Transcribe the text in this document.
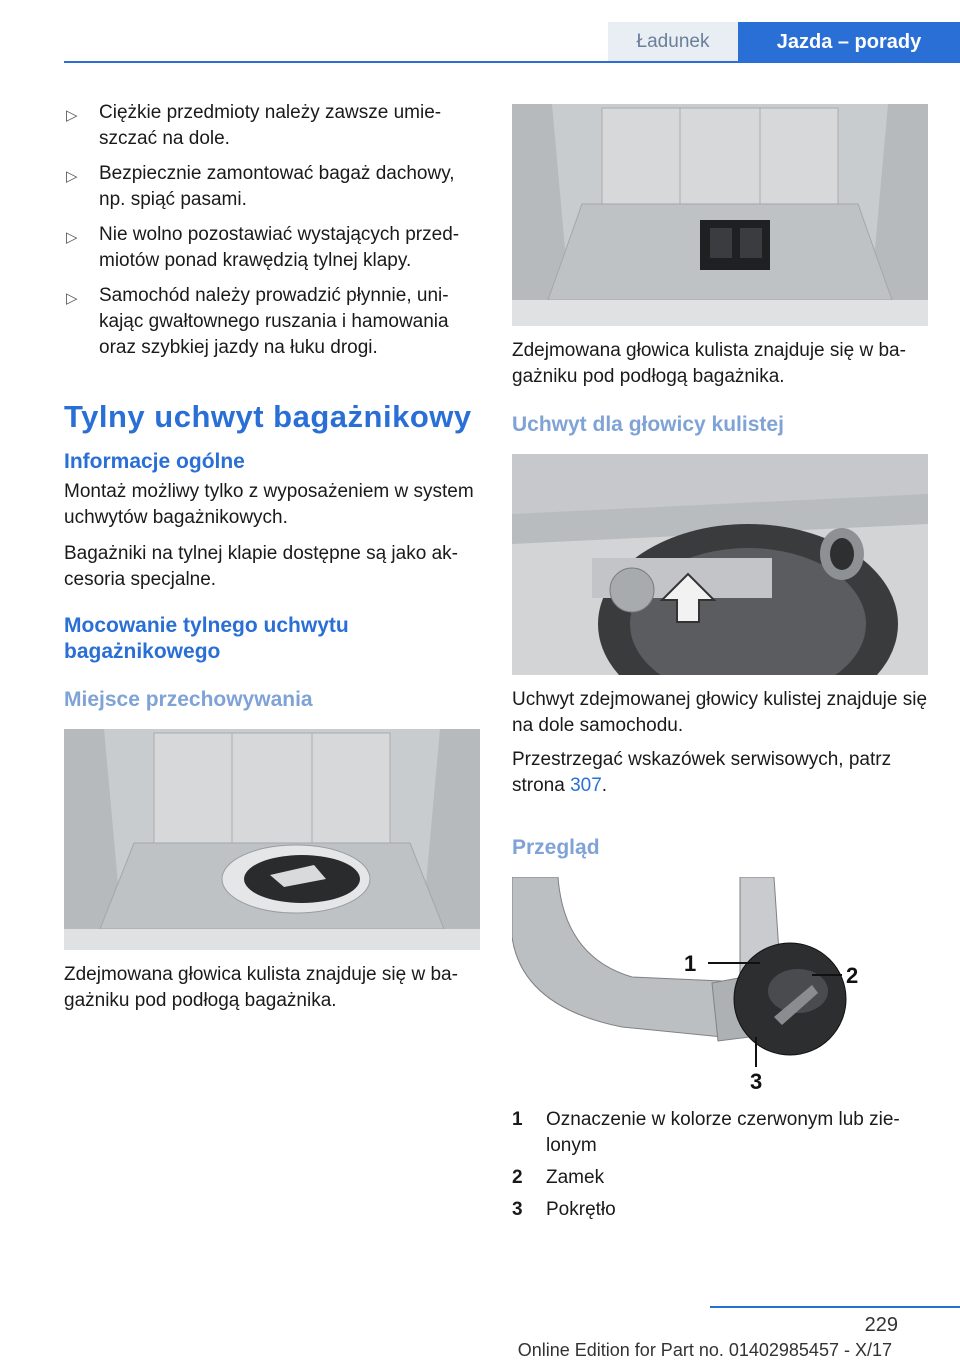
Ładunek	Jazda – porady
▷ Ciężkie przedmioty należy zawsze umieszczać na dole.
▷ Bezpiecznie zamontować bagaż dachowy, np. spiąć pasami.
▷ Nie wolno pozostawiać wystających przedmiotów ponad krawędzią tylnej klapy.
▷ Samochód należy prowadzić płynnie, unikając gwałtownego ruszania i hamowania oraz szybkiej jazdy na łuku drogi.
Tylny uchwyt bagażnikowy
Informacje ogólne

Montaż możliwy tylko z wyposażeniem w system uchwytów bagażnikowych.

Bagażniki na tylnej klapie dostępne są jako akcesoria specjalne.

Mocowanie tylnego uchwytu bagażnikowego
Miejsce przechowywania

Zdejmowana głowica kulista znajduje się w bagażniku pod podłogą bagażnika.

Zdejmowana głowica kulista znajduje się w bagażniku pod podłogą bagażnika.

Uchwyt dla głowicy kulistej

Uchwyt zdejmowanej głowicy kulistej znajduje się na dole samochodu.

Przestrzegać wskazówek serwisowych, patrz strona 307.

Przegląd
1	2
3
1	Oznaczenie w kolorze czerwonym lub zielonym
2	Zamek
3	Pokrętło
229
Online Edition for Part no. 01402985457 - X/17
